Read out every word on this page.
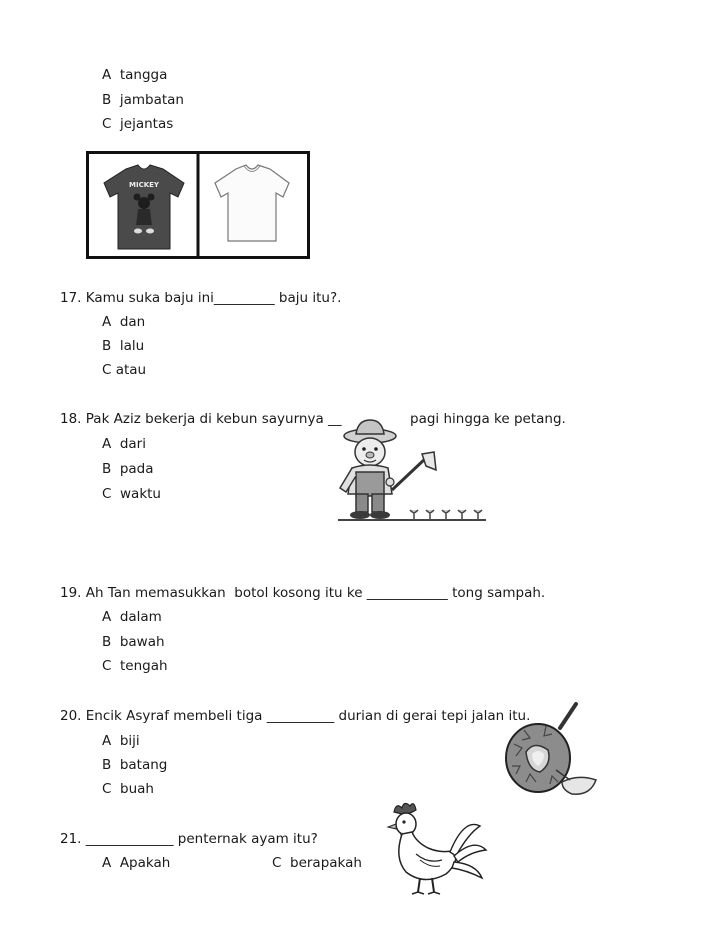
A  tangga
B  jambatan
C  jejantas
MICKEY
17. Kamu suka baju ini_________ baju itu?.
A  dan
B  lalu
C atau
18. Pak Aziz bekerja di kebun sayurnya __	pagi hingga ke petang.
A  dari
B  pada
C  waktu
19. Ah Tan memasukkan  botol kosong itu ke ____________ tong sampah.
A  dalam
B  bawah
C  tengah
20. Encik Asyraf membeli tiga __________ durian di gerai tepi jalan itu.
A  biji
B  batang
C  buah
21. _____________ penternak ayam itu?
A  Apakah	C  berapakah
